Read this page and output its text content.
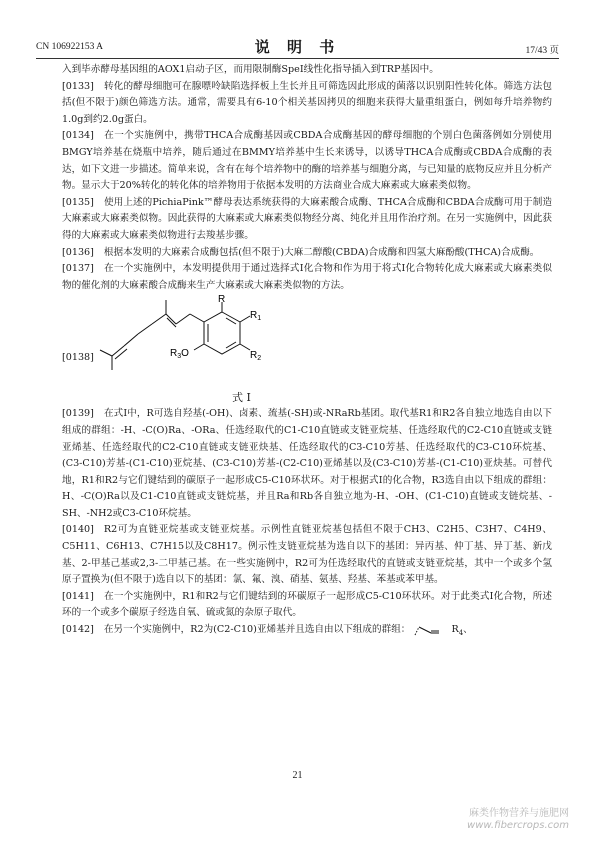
CN 106922153 A	说 明 书	17/43 页

入到毕赤酵母基因组的AOX1启动子区，而用限制酶SpeI线性化指导插入到TRP基因中。

[0133] 转化的酵母细胞可在腺嘌呤缺陷选择板上生长并且可筛选因此形成的菌落以识别阳性转化体。筛选方法包括(但不限于)颜色筛选方法。通常，需要具有6-10个相关基因拷贝的细胞来获得大量重组蛋白，例如每升培养物约1.0g到约2.0g蛋白。

[0134] 在一个实施例中，携带THCA合成酶基因或CBDA合成酶基因的酵母细胞的个别白色菌落例如分别使用BMGY培养基在烧瓶中培养，随后通过在BMMY培养基中生长来诱导，以诱导THCA合成酶或CBDA合成酶的表达，如下文进一步描述。简单来说，含有在每个培养物中的酶的培养基与细胞分离，与已知量的底物反应并且分析产物。显示大于20%转化的转化体的培养物用于依据本发明的方法商业合成大麻素或大麻素类似物。

[0135] 使用上述的PichiaPink™酵母表达系统获得的大麻素酸合成酶、THCA合成酶和CBDA合成酶可用于制造大麻素或大麻素类似物。因此获得的大麻素或大麻素类似物经分离、纯化并且用作治疗剂。在另一实施例中，因此获得的大麻素或大麻素类似物进行去羧基步骤。

[0136] 根据本发明的大麻素合成酶包括(但不限于)大麻二醇酸(CBDA)合成酶和四氢大麻酚酸(THCA)合成酶。

[0137] 在一个实施例中，本发明提供用于通过选择式I化合物和作为用于将式I化合物转化成大麻素或大麻素类似物的催化剂的大麻素酸合成酶来生产大麻素或大麻素类似物的方法。

[0138]
R
$R_1$
$R_2$
$R_3O$
式 I

[0139] 在式I中，R可选自羟基(-OH)、卤素、巯基(-SH)或-NRaRb基团。取代基R1和R2各自独立地选自由以下组成的群组：-H、-C(O)Ra、-ORa、任选经取代的C1-C10直链或支链亚烷基、任选经取代的C2-C10直链或支链亚烯基、任选经取代的C2-C10直链或支链亚炔基、任选经取代的C3-C10芳基、任选经取代的C3-C10环烷基、(C3-C10)芳基-(C1-C10)亚烷基、(C3-C10)芳基-(C2-C10)亚烯基以及(C3-C10)芳基-(C1-C10)亚炔基。可替代地，R1和R2与它们键结到的碳原子一起形成C5-C10环状环。对于根据式I的化合物，R3选自由以下组成的群组：H、-C(O)Ra以及C1-C10直链或支链烷基，并且Ra和Rb各自独立地为-H、-OH、(C1-C10)直链或支链烷基、-SH、-NH2或C3-C10环烷基。

[0140] R2可为直链亚烷基或支链亚烷基。示例性直链亚烷基包括但不限于CH3、C2H5、C3H7、C4H9、C5H11、C6H13、C7H15以及C8H17。例示性支链亚烷基为选自以下的基团：异丙基、仲丁基、异丁基、新戊基、2-甲基己基或2,3-二甲基己基。在一些实施例中，R2可为任选经取代的直链或支链亚烷基，其中一个或多个氢原子置换为(但不限于)选自以下的基团：氯、氟、溴、硝基、氨基、羟基、苯基或苯甲基。

[0141] 在一个实施例中，R1和R2与它们键结到的环碳原子一起形成C5-C10环状环。对于此类式I化合物，所述环的一个或多个碳原子经选自氧、硫或氮的杂原子取代。

[0142] 在另一个实施例中，R2为(C2-C10)亚烯基并且选自由以下组成的群组：	$R_4$、

21
麻类作物营养与施肥网
www.fibercrops.com
